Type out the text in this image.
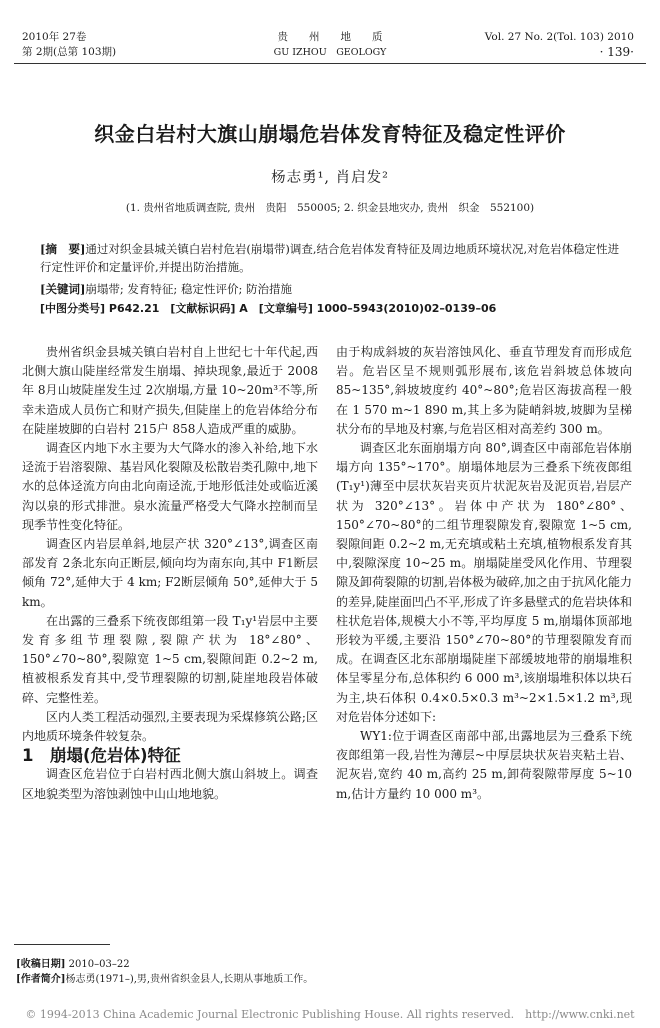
2010年 27卷
第 2期(总第 103期)
贵　　州　　地　　质
GU IZHOU　GEOLOGY
Vol. 27 No. 2(Tol. 103) 2010
· 139·
织金白岩村大旗山崩塌危岩体发育特征及稳定性评价
杨志勇¹, 肖启发²
(1. 贵州省地质调查院, 贵州　贵阳　550005; 2. 织金县地灾办, 贵州　织金　552100)
[摘　要]通过对织金县城关镇白岩村危岩(崩塌带)调查,结合危岩体发育特征及周边地质环境状况,对危岩体稳定性进行定性评价和定量评价,并提出防治措施。
[关键词]崩塌带; 发育特征; 稳定性评价; 防治措施
[中图分类号] P642.21　[文献标识码] A　[文章编号] 1000–5943(2010)02–0139–06

贵州省织金县城关镇白岩村自上世纪七十年代起,西北侧大旗山陡崖经常发生崩塌、掉块现象,最近于 2008年 8月山坡陡崖发生过 2次崩塌,方量 10~20m³不等,所幸未造成人员伤亡和财产损失,但陡崖上的危岩体给分布在陡崖坡脚的白岩村 215户 858人造成严重的威胁。

调查区内地下水主要为大气降水的渗入补给,地下水迳流于岩溶裂隙、基岩风化裂隙及松散岩类孔隙中,地下水的总体迳流方向由北向南迳流,于地形低洼处或临近溪沟以泉的形式排泄。泉水流量严格受大气降水控制而呈现季节性变化特征。

调查区内岩层单斜,地层产状 320°∠13°,调查区南部发育 2条北东向正断层,倾向均为南东向,其中 F1断层倾角 72°,延伸大于 4 km; F2断层倾角 50°,延伸大于 5 km。

在出露的三叠系下统夜郎组第一段 T₁y¹岩层中主要发育多组节理裂隙,裂隙产状为 18°∠80°、150°∠70~80°,裂隙宽 1~5 cm,裂隙间距 0.2~2 m,植被根系发育其中,受节理裂隙的切割,陡崖地段岩体破碎、完整性差。

区内人类工程活动强烈,主要表现为采煤修筑公路;区内地质环境条件较复杂。

1　崩塌(危岩体)特征

调查区危岩位于白岩村西北侧大旗山斜坡上。调查区地貌类型为溶蚀剥蚀中山山地地貌。

由于构成斜坡的灰岩溶蚀风化、垂直节理发育而形成危岩。危岩区呈不规则弧形展布,该危岩斜坡总体坡向 85~135°,斜坡坡度约 40°~80°;危岩区海拔高程一般在 1 570 m~1 890 m,其上多为陡峭斜坡,坡脚为呈梯状分布的旱地及村寨,与危岩区相对高差约 300 m。

调查区北东面崩塌方向 80°,调查区中南部危岩体崩塌方向 135°~170°。崩塌体地层为三叠系下统夜郎组(T₁y¹)薄至中层状灰岩夹页片状泥灰岩及泥页岩,岩层产状为 320°∠13°。岩体中产状为 180°∠80°、150°∠70~80°的二组节理裂隙发育,裂隙宽 1~5 cm,裂隙间距 0.2~2 m,无充填或粘土充填,植物根系发育其中,裂隙深度 10~25 m。崩塌陡崖受风化作用、节理裂隙及卸荷裂隙的切割,岩体极为破碎,加之由于抗风化能力的差异,陡崖面凹凸不平,形成了许多悬壁式的危岩块体和柱状危岩体,规模大小不等,平均厚度 5 m,崩塌体顶部地形较为平缓,主要沿 150°∠70~80°的节理裂隙发育而成。在调查区北东部崩塌陡崖下部缓坡地带的崩塌堆积体呈零星分布,总体积约 6 000 m³,该崩塌堆积体以块石为主,块石体积 0.4×0.5×0.3 m³~2×1.5×1.2 m³,现对危岩体分述如下:

WY1:位于调查区南部中部,出露地层为三叠系下统夜郎组第一段,岩性为薄层~中厚层块状灰岩夹粘土岩、泥灰岩,宽约 40 m,高约 25 m,卸荷裂隙带厚度 5~10 m,估计方量约 10 000 m³。

[收稿日期] 2010–03–22
[作者简介]杨志勇(1971–),男,贵州省织金县人,长期从事地质工作。
© 1994-2013 China Academic Journal Electronic Publishing House. All rights reserved.　http://www.cnki.net
